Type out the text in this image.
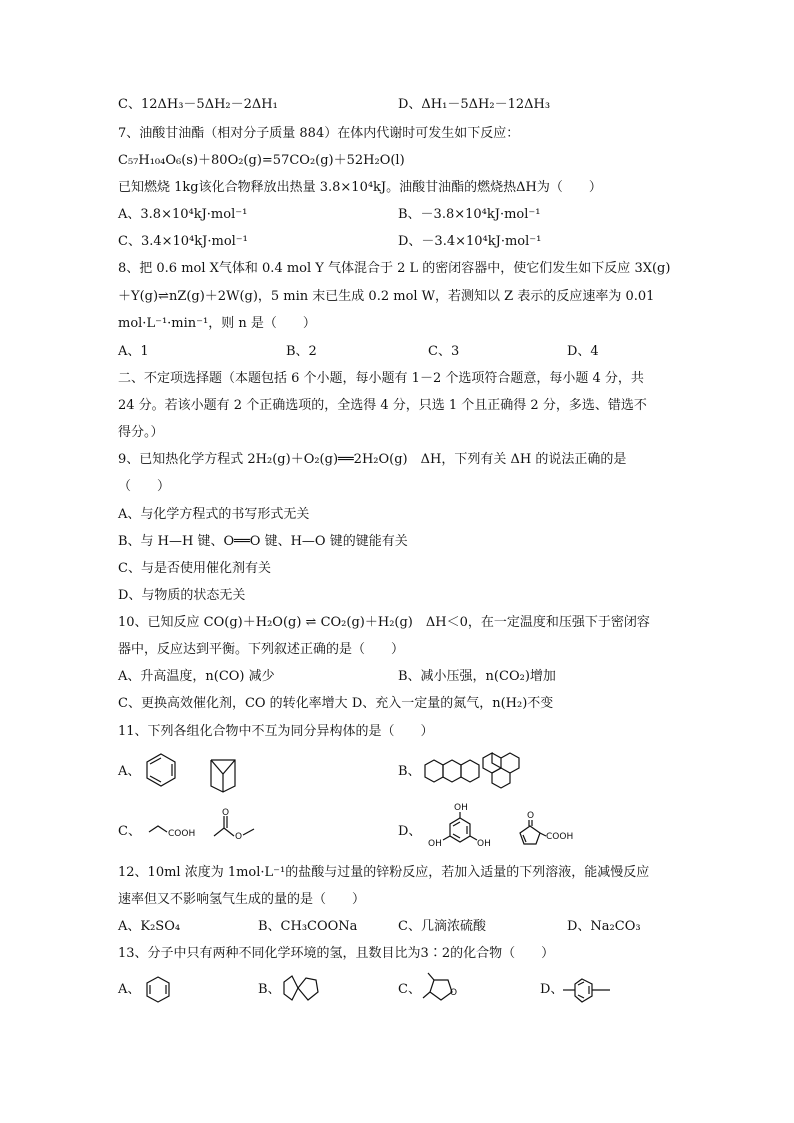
C、12ΔH₃－5ΔH₂－2ΔH₁	D、ΔH₁－5ΔH₂－12ΔH₃
7、油酸甘油酯（相对分子质量 884）在体内代谢时可发生如下反应：
C₅₇H₁₀₄O₆(s)＋80O₂(g)=57CO₂(g)＋52H₂O(l)
已知燃烧 1kg该化合物释放出热量 3.8×10⁴kJ。油酸甘油酯的燃烧热ΔH为（　　）
A、3.8×10⁴kJ·mol⁻¹	B、－3.8×10⁴kJ·mol⁻¹
C、3.4×10⁴kJ·mol⁻¹	D、－3.4×10⁴kJ·mol⁻¹
8、把 0.6 mol X气体和 0.4 mol Y 气体混合于 2 L 的密闭容器中，使它们发生如下反应 3X(g)
＋Y(g)⇌nZ(g)＋2W(g)，5 min 末已生成 0.2 mol W，若测知以 Z 表示的反应速率为 0.01
mol·L⁻¹·min⁻¹，则 n 是（　　）
A、1	B、2	C、3	D、4
二、不定项选择题（本题包括 6 个小题，每小题有 1－2 个选项符合题意，每小题 4 分，共
24 分。若该小题有 2 个正确选项的，全选得 4 分，只选 1 个且正确得 2 分，多选、错选不
得分。）
9、已知热化学方程式 2H₂(g)＋O₂(g)══2H₂O(g)　ΔH，下列有关 ΔH 的说法正确的是
（　　）
A、与化学方程式的书写形式无关
B、与 H—H 键、O══O 键、H—O 键的键能有关
C、与是否使用催化剂有关
D、与物质的状态无关
10、已知反应 CO(g)＋H₂O(g) ⇌ CO₂(g)＋H₂(g)　ΔH＜0，在一定温度和压强下于密闭容
器中，反应达到平衡。下列叙述正确的是（　　）
A、升高温度，n(CO) 减少	B、减小压强，n(CO₂)增加
C、更换高效催化剂，CO 的转化率增大 D、充入一定量的氮气，n(H₂)不变
11、下列各组化合物中不互为同分异构体的是（　　）
A、	B、
C、	COOH
O
O	D、
OH
OH	OH
O
COOH
12、10ml 浓度为 1mol·L⁻¹的盐酸与过量的锌粉反应，若加入适量的下列溶液，能减慢反应
速率但又不影响氢气生成的量的是（　　）
A、K₂SO₄	B、CH₃COONa	C、几滴浓硫酸	D、Na₂CO₃
13、分子中只有两种不同化学环境的氢，且数目比为3∶2的化合物（　　）
A、	B、	C、	O	D、
